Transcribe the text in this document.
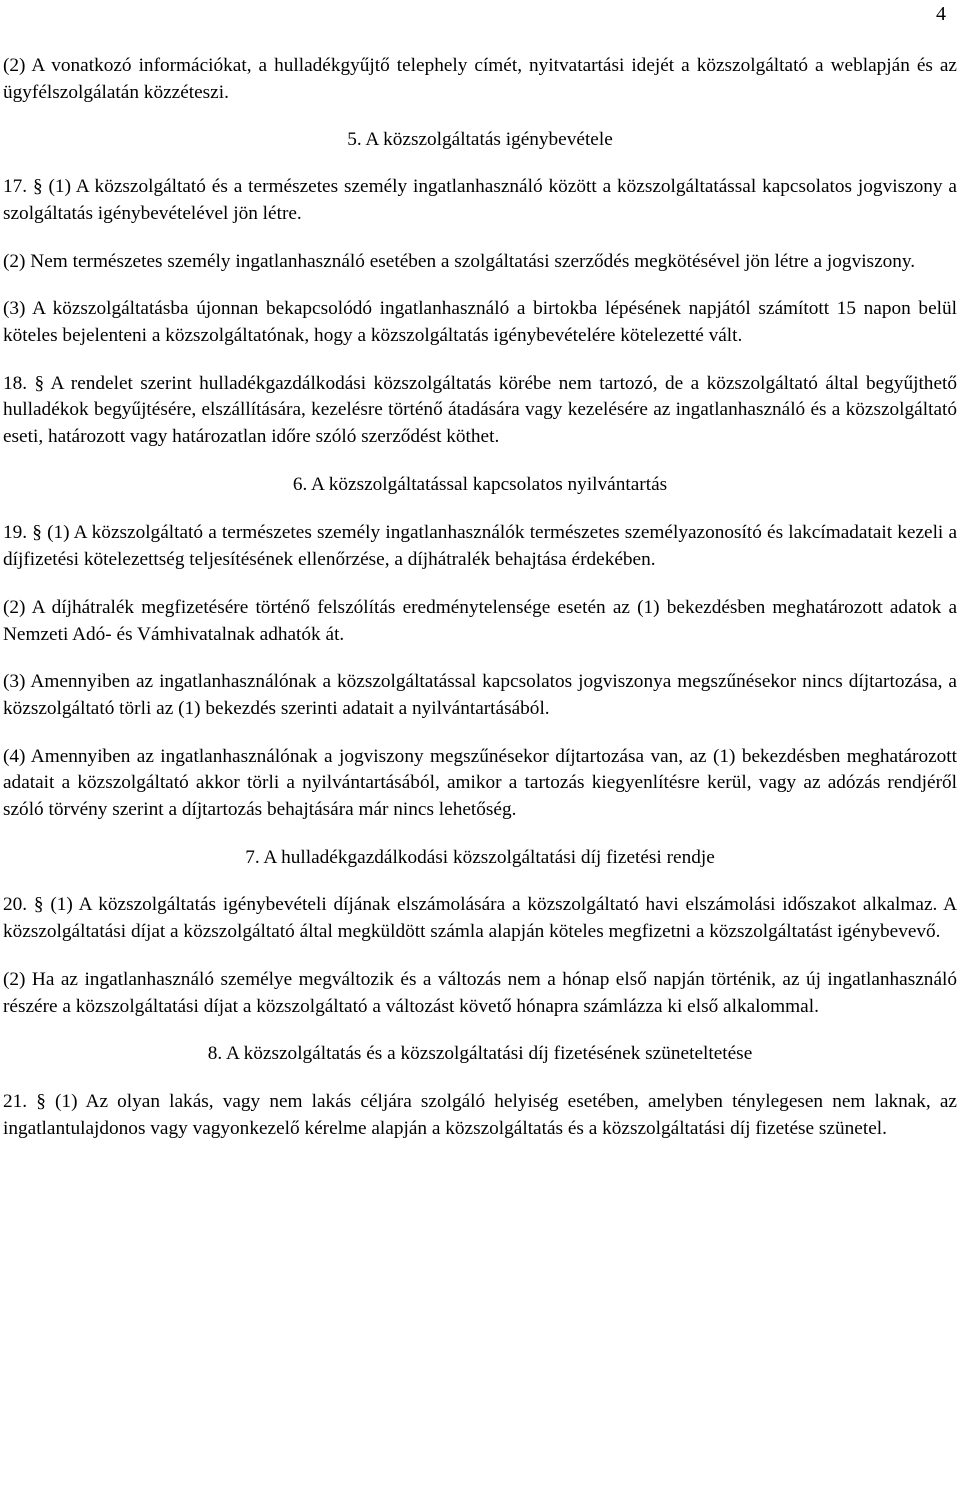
4

(2) A vonatkozó információkat, a hulladékgyűjtő telephely címét, nyitvatartási idejét a közszolgáltató a weblapján és az ügyfélszolgálatán közzéteszi.

5. A közszolgáltatás igénybevétele

17. § (1) A közszolgáltató és a természetes személy ingatlanhasználó között a közszolgáltatással kapcsolatos jogviszony a szolgáltatás igénybevételével jön létre.

(2) Nem természetes személy ingatlanhasználó esetében a szolgáltatási szerződés megkötésével jön létre a jogviszony.

(3) A közszolgáltatásba újonnan bekapcsolódó ingatlanhasználó a birtokba lépésének napjától számított 15 napon belül köteles bejelenteni a közszolgáltatónak, hogy a közszolgáltatás igénybevételére kötelezetté vált.

18. § A rendelet szerint hulladékgazdálkodási közszolgáltatás körébe nem tartozó, de a közszolgáltató által begyűjthető hulladékok begyűjtésére, elszállítására, kezelésre történő átadására vagy kezelésére az ingatlanhasználó és a közszolgáltató eseti, határozott vagy határozatlan időre szóló szerződést köthet.

6. A közszolgáltatással kapcsolatos nyilvántartás

19. § (1) A közszolgáltató a természetes személy ingatlanhasználók természetes személyazonosító és lakcímadatait kezeli a díjfizetési kötelezettség teljesítésének ellenőrzése, a díjhátralék behajtása érdekében.

(2) A díjhátralék megfizetésére történő felszólítás eredménytelensége esetén az (1) bekezdésben meghatározott adatok a Nemzeti Adó- és Vámhivatalnak adhatók át.

(3) Amennyiben az ingatlanhasználónak a közszolgáltatással kapcsolatos jogviszonya megszűnésekor nincs díjtartozása, a közszolgáltató törli az (1) bekezdés szerinti adatait a nyilvántartásából.

(4) Amennyiben az ingatlanhasználónak a jogviszony megszűnésekor díjtartozása van, az (1) bekezdésben meghatározott adatait a közszolgáltató akkor törli a nyilvántartásából, amikor a tartozás kiegyenlítésre kerül, vagy az adózás rendjéről szóló törvény szerint a díjtartozás behajtására már nincs lehetőség.

7. A hulladékgazdálkodási közszolgáltatási díj fizetési rendje

20. § (1) A közszolgáltatás igénybevételi díjának elszámolására a közszolgáltató havi elszámolási időszakot alkalmaz. A közszolgáltatási díjat a közszolgáltató által megküldött számla alapján köteles megfizetni a közszolgáltatást igénybevevő.

(2) Ha az ingatlanhasználó személye megváltozik és a változás nem a hónap első napján történik, az új ingatlanhasználó részére a közszolgáltatási díjat a közszolgáltató a változást követő hónapra számlázza ki első alkalommal.

8. A közszolgáltatás és a közszolgáltatási díj fizetésének szüneteltetése

21. § (1) Az olyan lakás, vagy nem lakás céljára szolgáló helyiség esetében, amelyben ténylegesen nem laknak, az ingatlantulajdonos vagy vagyonkezelő kérelme alapján a közszolgáltatás és a közszolgáltatási díj fizetése szünetel.
